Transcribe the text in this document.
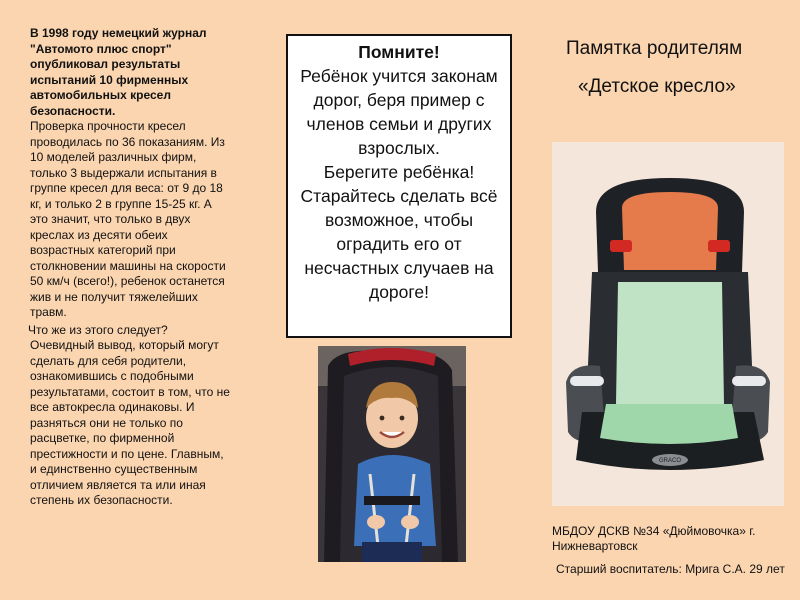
В 1998 году немецкий журнал "Автомото плюс спорт" опубликовал результаты испытаний 10 фирменных автомобильных кресел безопасности.

Проверка прочности кресел проводилась по 36 показаниям. Из 10 моделей различных фирм, только 3 выдержали испытания в группе кресел для веса: от 9 до 18 кг, и только 2 в группе 15-25 кг. А это значит, что только в двух креслах из десяти обеих возрастных категорий при столкновении машины на скорости 50 км/ч (всего!), ребенок останется жив и не получит тяжелейших травм.

Что же из этого следует? Очевидный вывод, который могут сделать для себя родители, ознакомившись с подобными результатами, состоит в том, что не все автокресла одинаковы. И разняться они не только по расцветке, по фирменной престижности и по цене. Главным, и единственно существенным отличием является та или иная степень их безопасности.

Помните!
Ребёнок учится законам дорог, беря пример с членов семьи и других взрослых.
Берегите ребёнка! Старайтесь сделать всё возможное, чтобы оградить его от несчастных случаев на дороге!
Памятка родителям
«Детское кресло»
GRACO
МБДОУ ДСКВ №34 «Дюймовочка» г. Нижневартовск
Старший воспитатель: Мрига С.А. 29 лет
